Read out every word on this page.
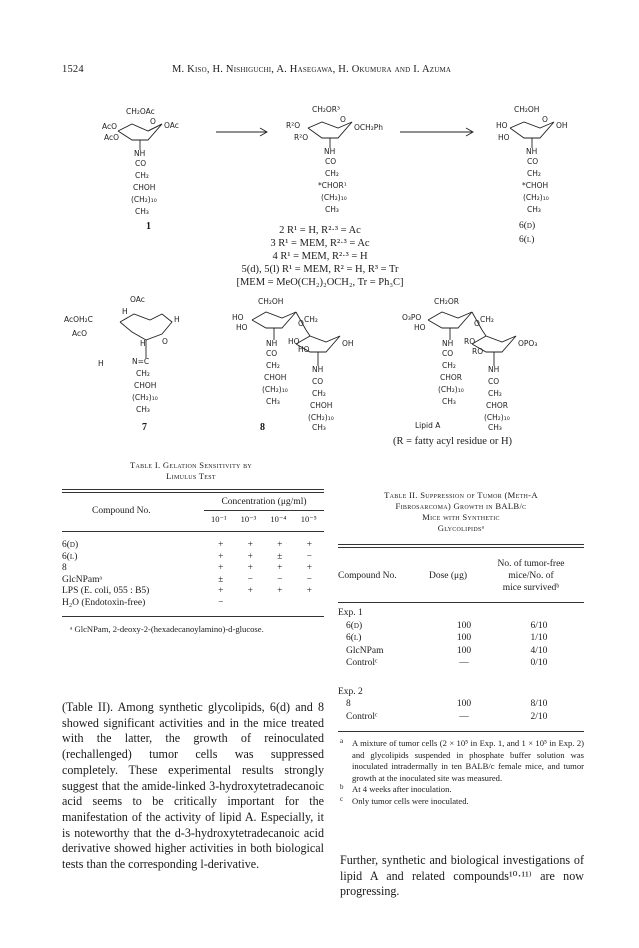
1524	M. Kiso, H. Nishiguchi, A. Hasegawa, H. Okumura and I. Azuma
CH₂OAc
AcO
AcO
OAc
O
NH
CO
CH₂
CHOH
(CH₂)₁₀
CH₃
CH₂OR³
R²O
R²O
OCH₂Ph
O
NH
CO
CH₂
*CHOR¹
(CH₂)₁₀
CH₃
CH₂OH
HO
HO
OH
O
NH
CO
CH₂
*CHOH
(CH₂)₁₀
CH₃
1	6(d)
6(l)
2 R¹ = H, R²·³ = Ac
3 R¹ = MEM, R²·³ = Ac
4 R¹ = MEM, R²·³ = H
5(d), 5(l) R¹ = MEM, R² = H, R³ = Tr
[MEM = MeO(CH₂)₂OCH₂, Tr = Ph₃C]
OAc
AcOH₂C
AcO
H
H
H O
H	N=C
CH₂
CHOH
(CH₂)₁₀
CH₃
CH₂OH
HO
HO	O CH₂
HO
HO
OH
NH
CO
CH₂
CHOH
(CH₂)₁₀
CH₃
NH
CO
CH₂
CHOH
(CH₂)₁₀
CH₃
CH₂OR
O₃PO
HO	O CH₂
RO
RO
OPO₃
NH
CO
CH₂
CHOR
(CH₂)₁₀
CH₃
NH
CO
CH₂
CHOR
(CH₂)₁₀
CH₃
7	8	Lipid A
(R = fatty acyl residue or H)
Table I. Gelation Sensitivity by
Limulus Test
Compound No.	Concentration (μg/ml)			
	10⁻¹	10⁻³	10⁻⁴	10⁻⁵
6(d)	+	+	+	+
6(l)	+	+	±	−
8	+	+	+	+
GlcNPamᵃ	±	−	−	−
LPS (E. coli, 055 : B5)	+	+	+	+
H₂O (Endotoxin-free)	−			
ᵃ GlcNPam, 2-deoxy-2-(hexadecanoylamino)-d-glucose.
Table II. Suppression of Tumor (Meth-A
Fibrosarcoma) Growth in BALB/c
Mice with Synthetic
Glycolipidsᵃ
Compound No.	Dose (μg)	
No. of tumor-free
mice/No. of
mice survivedᵇ
Exp. 1		
6(d)	100	6/10
6(l)	100	1/10
GlcNPam	100	4/10
Controlᶜ	—	0/10

Exp. 2		
8	100	8/10
Controlᶜ	—	2/10
a A mixture of tumor cells (2 × 10⁵ in Exp. 1, and 1 × 10⁵ in Exp. 2) and glycolipids suspended in phosphate buffer solution was inoculated intradermally in ten BALB/c female mice, and tumor growth at the inoculated site was measured.
b At 4 weeks after inoculation.
c Only tumor cells were inoculated.
(Table II). Among synthetic glycolipids, 6(d) and 8 showed significant activities and in the mice treated with the latter, the growth of reinoculated (rechallenged) tumor cells was suppressed completely. These experimental results strongly suggest that the amide-linked 3-hydroxytetradecanoic acid seems to be critically important for the manifestation of the activity of lipid A. Especially, it is noteworthy that the d-3-hydroxytetradecanoic acid derivative showed higher activities in both biological tests than the corresponding l-derivative.	Further, synthetic and biological investigations of lipid A and related compounds¹⁰·¹¹⁾ are now progressing.
